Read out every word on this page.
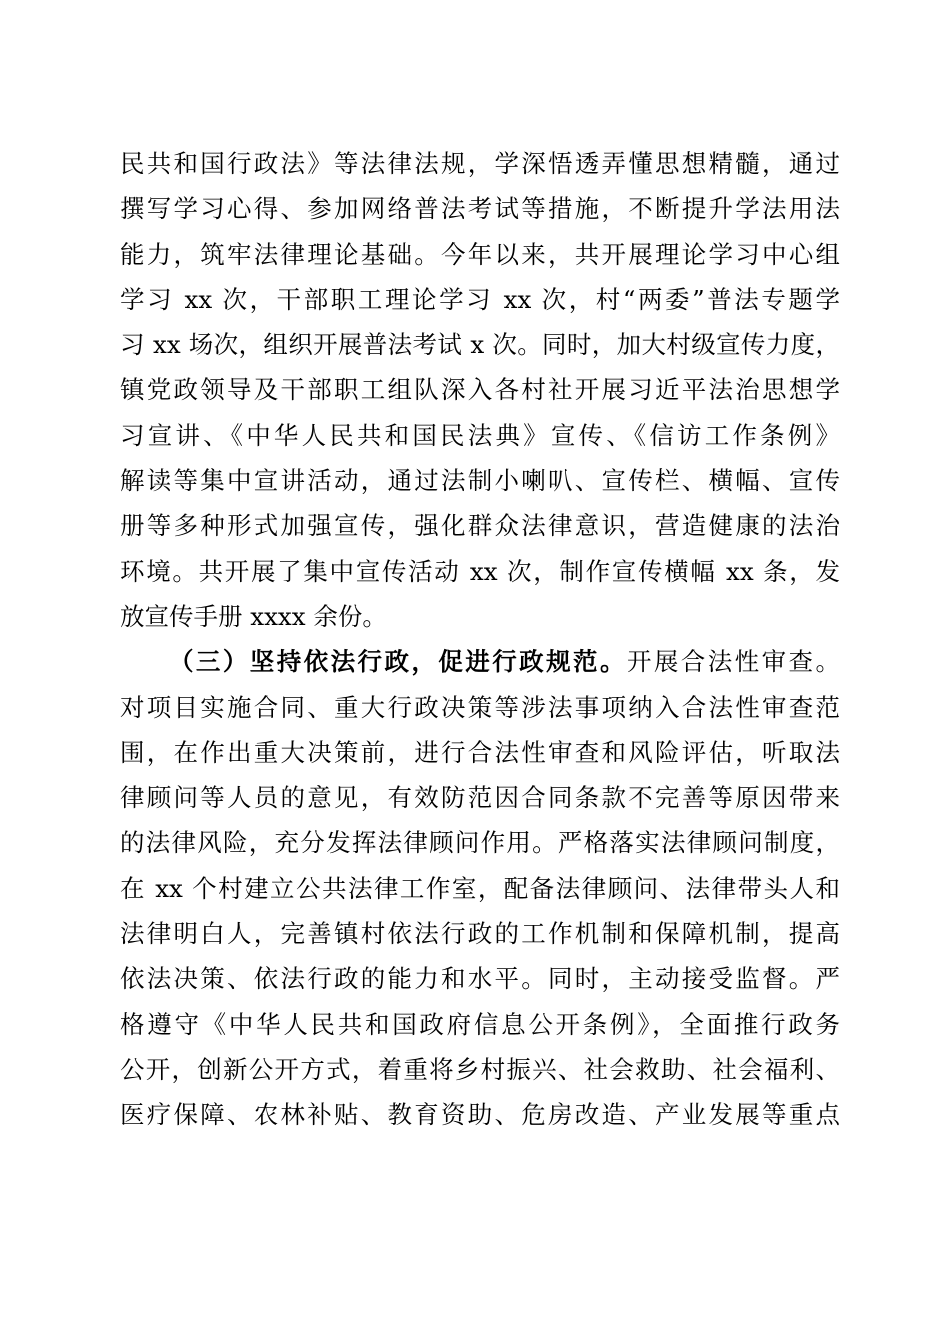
民共和国行政法》等法律法规，学深悟透弄懂思想精髓，通过
撰写学习心得、参加网络普法考试等措施，不断提升学法用法
能力，筑牢法律理论基础。今年以来，共开展理论学习中心组
学习 xx 次，干部职工理论学习 xx 次，村“两委”普法专题学
习 xx 场次，组织开展普法考试 x 次。同时，加大村级宣传力度，
镇党政领导及干部职工组队深入各村社开展习近平法治思想学
习宣讲、《中华人民共和国民法典》宣传、《信访工作条例》
解读等集中宣讲活动，通过法制小喇叭、宣传栏、横幅、宣传
册等多种形式加强宣传，强化群众法律意识，营造健康的法治
环境。共开展了集中宣传活动 xx 次，制作宣传横幅 xx 条，发
放宣传手册 xxxx 余份。
（三）坚持依法行政，促进行政规范。开展合法性审查。
对项目实施合同、重大行政决策等涉法事项纳入合法性审查范
围，在作出重大决策前，进行合法性审查和风险评估，听取法
律顾问等人员的意见，有效防范因合同条款不完善等原因带来
的法律风险，充分发挥法律顾问作用。严格落实法律顾问制度，
在 xx 个村建立公共法律工作室，配备法律顾问、法律带头人和
法律明白人，完善镇村依法行政的工作机制和保障机制，提高
依法决策、依法行政的能力和水平。同时，主动接受监督。严
格遵守《中华人民共和国政府信息公开条例》，全面推行政务
公开，创新公开方式，着重将乡村振兴、社会救助、社会福利、
医疗保障、农林补贴、教育资助、危房改造、产业发展等重点
